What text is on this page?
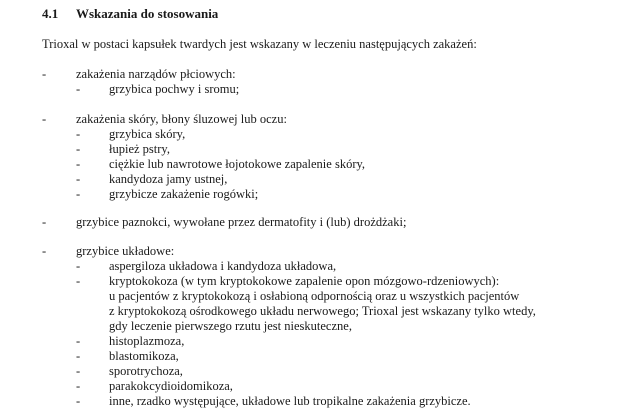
4.1 Wskazania do stosowania
Trioxal w postaci kapsułek twardych jest wskazany w leczeniu następujących zakażeń:
- zakażenia narządów płciowych:
- grzybica pochwy i sromu;
- zakażenia skóry, błony śluzowej lub oczu:
- grzybica skóry,
- łupież pstry,
- ciężkie lub nawrotowe łojotokowe zapalenie skóry,
- kandydoza jamy ustnej,
- grzybicze zakażenie rogówki;
- grzybice paznokci, wywołane przez dermatofity i (lub) drożdżaki;
- grzybice układowe:
- aspergiloza układowa i kandydoza układowa,
- kryptokokoza (w tym kryptokokowe zapalenie opon mózgowo-rdzeniowych):
u pacjentów z kryptokokozą i osłabioną odpornością oraz u wszystkich pacjentów
z kryptokokozą ośrodkowego układu nerwowego; Trioxal jest wskazany tylko wtedy,
gdy leczenie pierwszego rzutu jest nieskuteczne,
- histoplazmoza,
- blastomikoza,
- sporotrychoza,
- parakokcydioidomikoza,
- inne, rzadko występujące, układowe lub tropikalne zakażenia grzybicze.
